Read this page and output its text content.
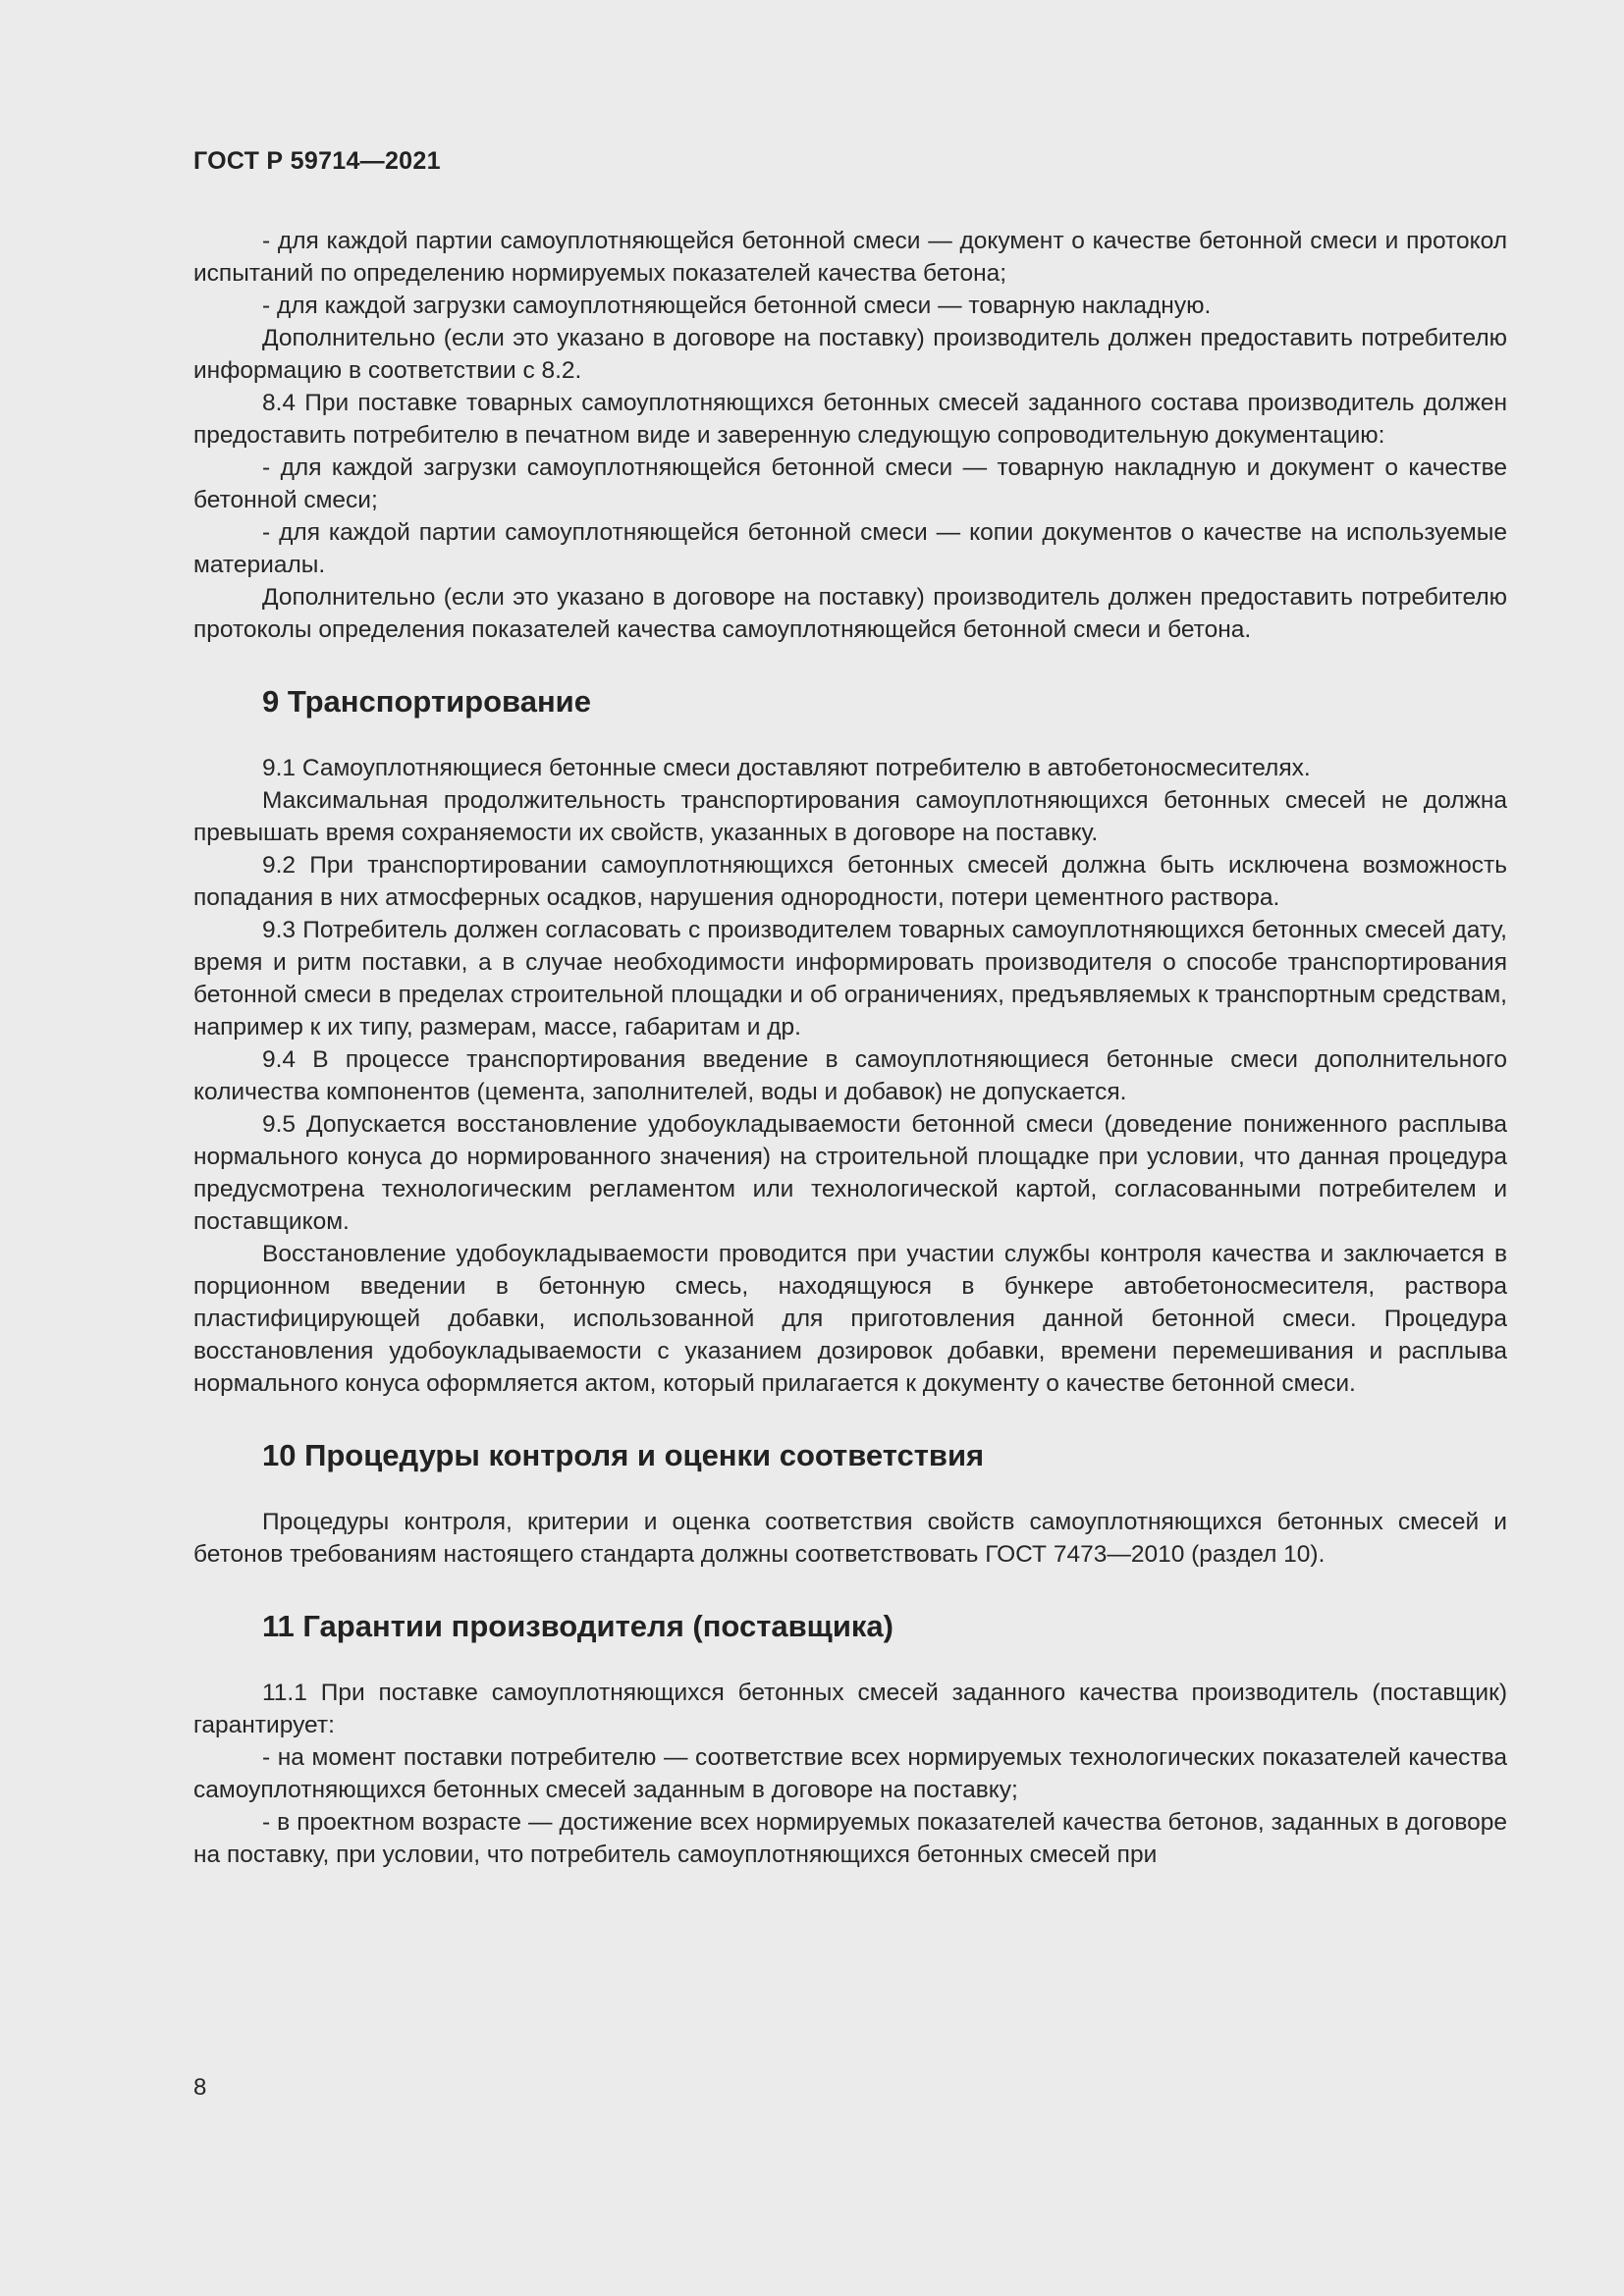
ГОСТ Р 59714—2021

- для каждой партии самоуплотняющейся бетонной смеси — документ о качестве бетонной смеси и протокол испытаний по определению нормируемых показателей качества бетона;

- для каждой загрузки самоуплотняющейся бетонной смеси — товарную накладную.

Дополнительно (если это указано в договоре на поставку) производитель должен предоставить потребителю информацию в соответствии с 8.2.

8.4 При поставке товарных самоуплотняющихся бетонных смесей заданного состава производитель должен предоставить потребителю в печатном виде и заверенную следующую сопроводительную документацию:

- для каждой загрузки самоуплотняющейся бетонной смеси — товарную накладную и документ о качестве бетонной смеси;

- для каждой партии самоуплотняющейся бетонной смеси — копии документов о качестве на используемые материалы.

Дополнительно (если это указано в договоре на поставку) производитель должен предоставить потребителю протоколы определения показателей качества самоуплотняющейся бетонной смеси и бетона.

9 Транспортирование

9.1 Самоуплотняющиеся бетонные смеси доставляют потребителю в автобетоносмесителях.

Максимальная продолжительность транспортирования самоуплотняющихся бетонных смесей не должна превышать время сохраняемости их свойств, указанных в договоре на поставку.

9.2 При транспортировании самоуплотняющихся бетонных смесей должна быть исключена возможность попадания в них атмосферных осадков, нарушения однородности, потери цементного раствора.

9.3 Потребитель должен согласовать с производителем товарных самоуплотняющихся бетонных смесей дату, время и ритм поставки, а в случае необходимости информировать производителя о способе транспортирования бетонной смеси в пределах строительной площадки и об ограничениях, предъявляемых к транспортным средствам, например к их типу, размерам, массе, габаритам и др.

9.4 В процессе транспортирования введение в самоуплотняющиеся бетонные смеси дополнительного количества компонентов (цемента, заполнителей, воды и добавок) не допускается.

9.5 Допускается восстановление удобоукладываемости бетонной смеси (доведение пониженного расплыва нормального конуса до нормированного значения) на строительной площадке при условии, что данная процедура предусмотрена технологическим регламентом или технологической картой, согласованными потребителем и поставщиком.

Восстановление удобоукладываемости проводится при участии службы контроля качества и заключается в порционном введении в бетонную смесь, находящуюся в бункере автобетоносмесителя, раствора пластифицирующей добавки, использованной для приготовления данной бетонной смеси. Процедура восстановления удобоукладываемости с указанием дозировок добавки, времени перемешивания и расплыва нормального конуса оформляется актом, который прилагается к документу о качестве бетонной смеси.

10 Процедуры контроля и оценки соответствия

Процедуры контроля, критерии и оценка соответствия свойств самоуплотняющихся бетонных смесей и бетонов требованиям настоящего стандарта должны соответствовать ГОСТ 7473—2010 (раздел 10).

11 Гарантии производителя (поставщика)

11.1 При поставке самоуплотняющихся бетонных смесей заданного качества производитель (поставщик) гарантирует:

- на момент поставки потребителю — соответствие всех нормируемых технологических показателей качества самоуплотняющихся бетонных смесей заданным в договоре на поставку;

- в проектном возрасте — достижение всех нормируемых показателей качества бетонов, заданных в договоре на поставку, при условии, что потребитель самоуплотняющихся бетонных смесей при

8
